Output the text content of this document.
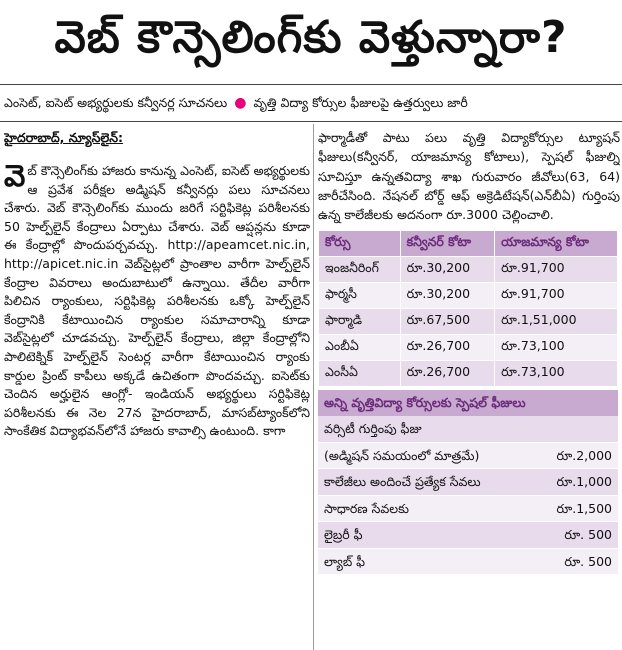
వెబ్ కౌన్సెలింగ్‌కు వెళ్తున్నారా?
ఎంసెట్, ఐసెట్ అభ్యర్థులకు కన్వీనర్ల సూచనలు ● వృత్తి విద్యా కోర్సుల ఫీజులపై ఉత్తర్వులు జారీ
హైదరాబాద్, న్యూస్‌లైన్:
వె బ్ కౌన్సెలింగ్‌కు హాజరు కానున్న ఎంసెట్, ఐసెట్ అభ్యర్థులకు ఆ ప్రవేశ పరీక్షల అడ్మిషన్ కన్వీనర్లు పలు సూచనలు చేశారు. వెబ్ కౌన్సెలింగ్‌కు ముందు జరిగే సర్టిఫికెట్ల పరిశీలనకు 50 హెల్ప్‌లైన్ కేంద్రాలు ఏర్పాటు చేశారు. వెబ్ ఆప్షన్లను కూడా ఈ కేంద్రాల్లో పొందుపర్చవచ్చు. http://apeamcet.nic.in, http://apicet.nic.in వెబ్‌సైట్లలో ప్రాంతాల వారీగా హెల్ప్‌లైన్ కేంద్రాల వివరాలు అందుబాటులో ఉన్నాయి. తేదీల వారీగా పిలిచిన ర్యాంకులు, సర్టిఫికెట్ల పరిశీలనకు ఒక్కో హెల్ప్‌లైన్ కేంద్రానికి కేటాయించిన ర్యాంకుల సమాచారాన్ని కూడా వెబ్‌సైట్లలో చూడవచ్చు. హెల్ప్‌లైన్ కేంద్రాలు, జిల్లా కేంద్రాల్లోని పాలిటెక్నిక్ హెల్ప్‌లైన్ సెంటర్ల వారీగా కేటాయించిన ర్యాంకు కార్డుల ప్రింట్ కాపీలు అక్కడే ఉచితంగా పొందవచ్చు. ఐసెట్‌కు చెందిన అర్హులైన ఆంగ్లో- ఇండియన్ అభ్యర్థులు సర్టిఫికెట్ల పరిశీలనకు ఈ నెల 27న హైదరాబాద్, మాసబ్‌ట్యాంక్‌లోని సాంకేతిక విద్యాభవన్‌లోనే హాజరు కావాల్సి ఉంటుంది. కాగా

ఫార్మాడీతో పాటు పలు వృత్తి విద్యాకోర్సుల ట్యూషన్ ఫీజులు(కన్వీనర్, యాజమాన్య కోటాలు), స్పెషల్ ఫీజుల్ని సూచిస్తూ ఉన్నతవిద్యా శాఖ గురువారం జీవోలు(63, 64) జారీచేసింది. నేషనల్ బోర్డ్ ఆఫ్ అక్రెడిటేషన్(ఎన్‌బీఏ) గుర్తింపు ఉన్న కాలేజీలకు అదనంగా రూ.3000 చెల్లించాలి.

కోర్సు	కన్వీనర్ కోటా	యాజమాన్య కోటా
ఇంజనీరింగ్	రూ.30,200	రూ.91,700
ఫార్మసీ	రూ.30,200	రూ.91,700
ఫార్మాడి	రూ.67,500	రూ.1,51,000
ఎంబీఏ	రూ.26,700	రూ.73,100
ఎంసీఏ	రూ.26,700	రూ.73,100
అన్ని వృత్తివిద్యా కోర్సులకు స్పెషల్ ఫీజులు
వర్సిటీ గుర్తింపు ఫీజు
(అడ్మిషన్ సమయంలో మాత్రమే)	రూ.2,000
కాలేజీలు అందించే ప్రత్యేక సేవలు	రూ.1,000
సాధారణ సేవలకు	రూ.1,500
లైబ్రరీ ఫీ	రూ. 500
ల్యాబ్ ఫీ	రూ. 500
